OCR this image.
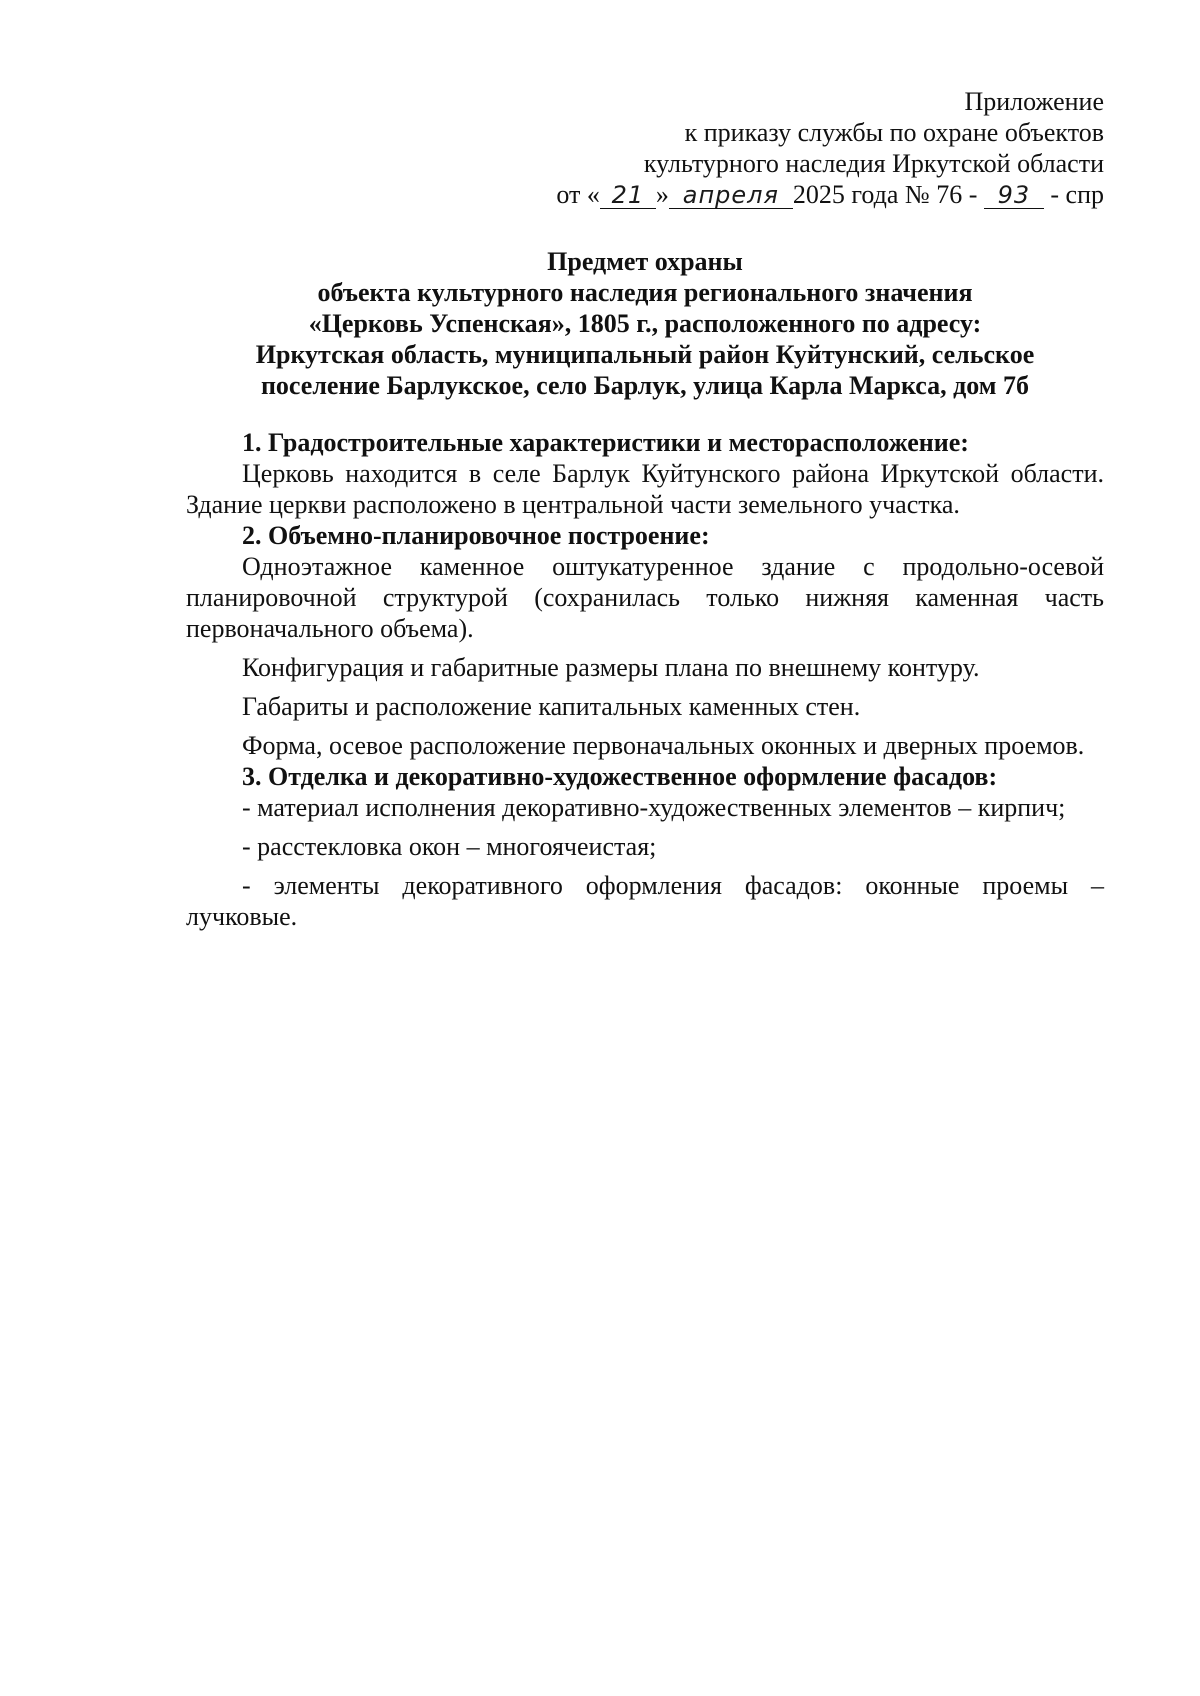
Приложение
к приказу службы по охране объектов
культурного наследия Иркутской области
от « 21 » апреля 2025 года № 76 - 93 - спр
Предмет охраны
объекта культурного наследия регионального значения
«Церковь Успенская», 1805 г., расположенного по адресу:
Иркутская область, муниципальный район Куйтунский, сельское
поселение Барлукское, село Барлук, улица Карла Маркса, дом 7б

1. Градостроительные характеристики и месторасположение:

Церковь находится в селе Барлук Куйтунского района Иркутской области. Здание церкви расположено в центральной части земельного участка.

2. Объемно-планировочное построение:

Одноэтажное каменное оштукатуренное здание с продольно-осевой планировочной структурой (сохранилась только нижняя каменная часть первоначального объема).

Конфигурация и габаритные размеры плана по внешнему контуру.

Габариты и расположение капитальных каменных стен.

Форма, осевое расположение первоначальных оконных и дверных проемов.

3. Отделка и декоративно-художественное оформление фасадов:

- материал исполнения декоративно-художественных элементов – кирпич;

- расстекловка окон – многоячеистая;

- элементы декоративного оформления фасадов: оконные проемы – лучковые.
